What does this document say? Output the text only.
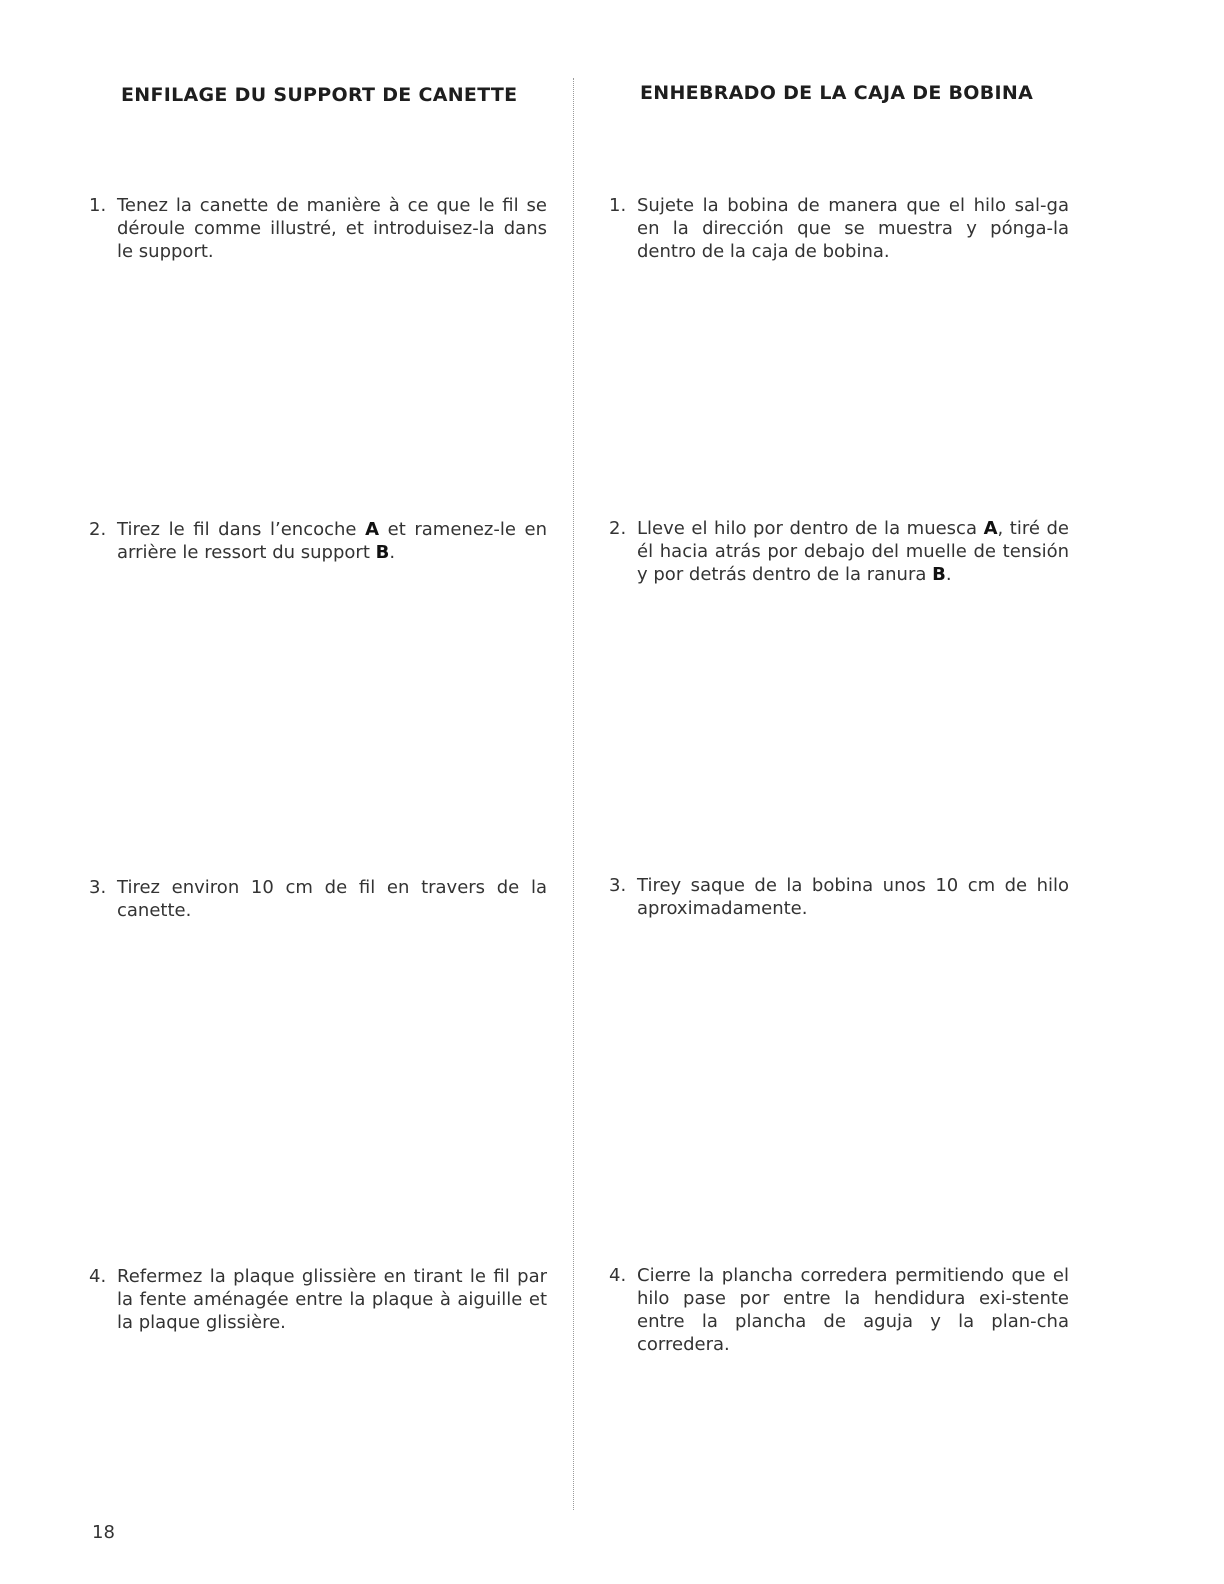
ENFILAGE DU SUPPORT DE CANETTE
1. Tenez la canette de manière à ce que le fil se déroule comme illustré, et introduisez-la dans le support.
2. Tirez le fil dans l’encoche A et ramenez-le en arrière le ressort du support B.
3. Tirez environ 10 cm de fil en travers de la canette.
4. Refermez la plaque glissière en tirant le fil par la fente aménagée entre la plaque à aiguille et la plaque glissière.
ENHEBRADO DE LA CAJA DE BOBINA
1. Sujete la bobina de manera que el hilo sal-ga en la dirección que se muestra y pónga-la dentro de la caja de bobina.
2. Lleve el hilo por dentro de la muesca A, tiré de él hacia atrás por debajo del muelle de tensión y por detrás dentro de la ranura B.
3. Tirey saque de la bobina unos 10 cm de hilo aproximadamente.
4. Cierre la plancha corredera permitiendo que el hilo pase por entre la hendidura exi-stente entre la plancha de aguja y la plan-cha corredera.
18
